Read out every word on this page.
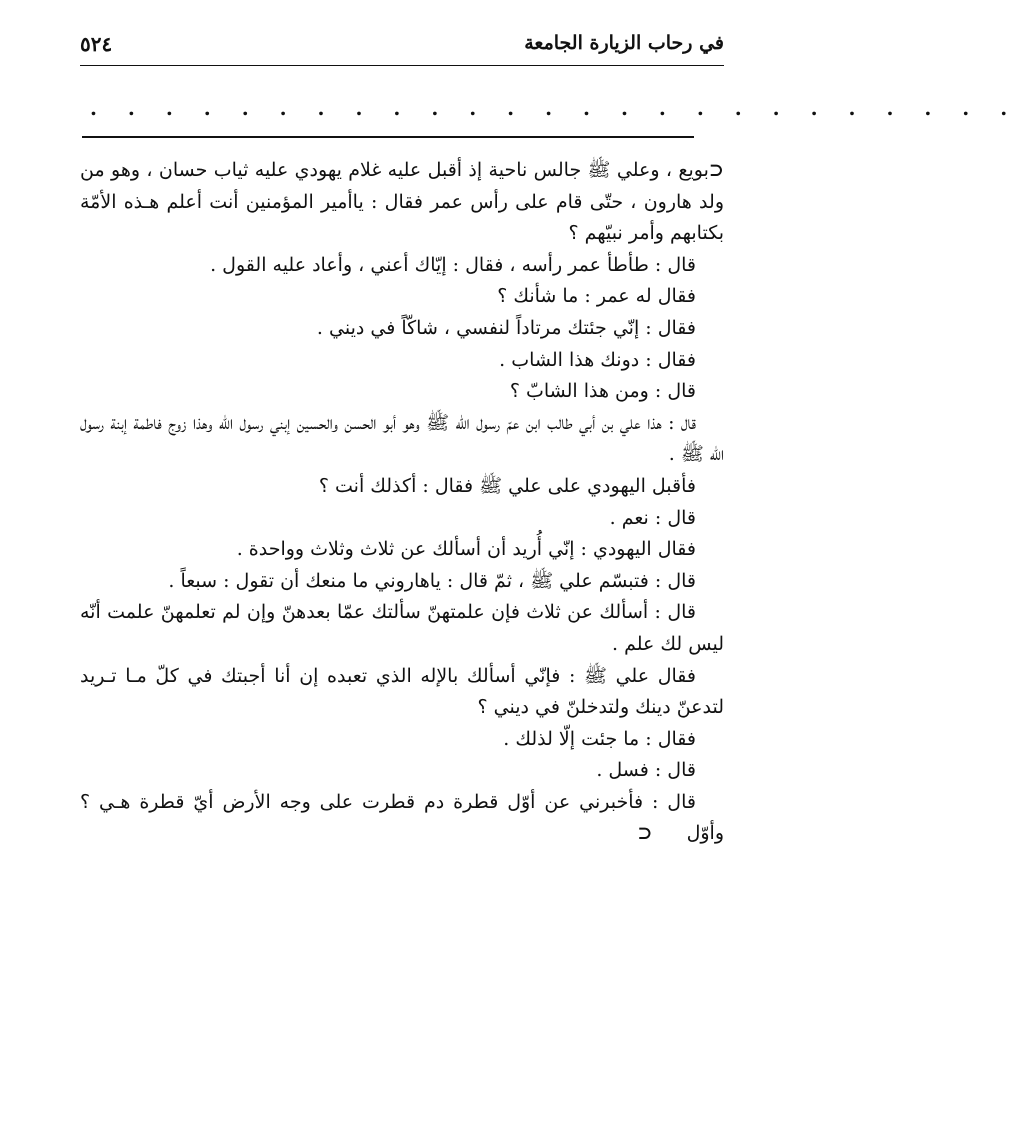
في رحاب الزيارة الجامعة
٥٢٤
. . . . . . . . . . . . . . . . . . . . . . . . .

⊂بويع ، وعلي ﷺ جالس ناحية إذ أقبل عليه غلام يهودي عليه ثياب حسان ، وهو من ولد هارون ، حتّى قام على رأس عمر فقال : ياأمير المؤمنين أنت أعلم هـذه الأمّة بكتابهم وأمر نبيّهم ؟

قال : طأطأ عمر رأسه ، فقال : إيّاك أعني ، وأعاد عليه القول .

فقال له عمر : ما شأنك ؟

فقال : إنّي جئتك مرتاداً لنفسي ، شاكّاً في ديني .

فقال : دونك هذا الشاب .

قال : ومن هذا الشابّ ؟

قال : هذا علي بن أبي طالب ابن عمّ رسول الله ﷺ وهو أبو الحسن والحسين إبني رسول الله وهذا زوج فاطمة إبنة رسول الله ﷺ .

فأقبل اليهودي على علي ﷺ فقال : أكذلك أنت ؟

قال : نعم .

فقال اليهودي : إنّي أُريد أن أسألك عن ثلاث وثلاث وواحدة .

قال : فتبسّم علي ﷺ ، ثمّ قال : ياهاروني ما منعك أن تقول : سبعاً .

قال : أسألك عن ثلاث فإن علمتهنّ سألتك عمّا بعدهنّ وإن لم تعلمهنّ علمت أنّه ليس لك علم .

فقال علي ﷺ : فإنّي أسألك بالإله الذي تعبده إن أنا أجبتك في كلّ مـا تـريد لتدعنّ دينك ولتدخلنّ في ديني ؟

فقال : ما جئت إلّا لذلك .

قال : فسل .

قال : فأخبرني عن أوّل قطرة دم قطرت على وجه الأرض أيّ قطرة هـي ؟ وأوّل ⊂
